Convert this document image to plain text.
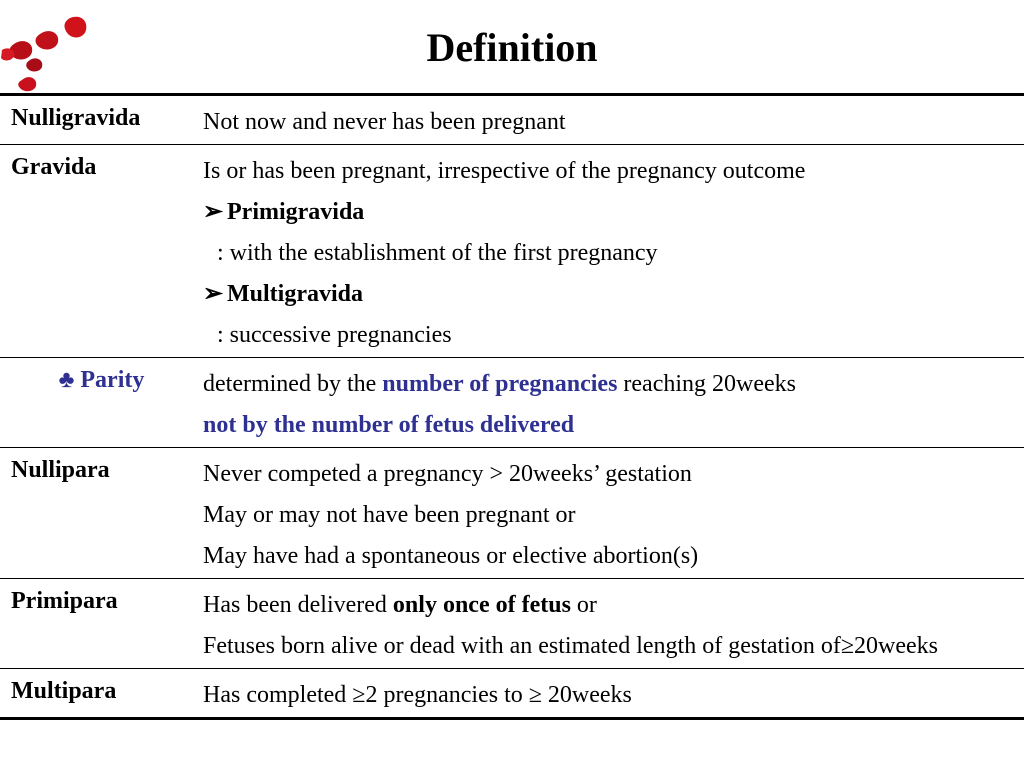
Definition
Nulligravida	Not now and never has been pregnant

Gravida	Is or has been pregnant, irrespective of the pregnancy outcome
➢ Primigravida
: with the establishment of the first pregnancy
➢ Multigravida
: successive pregnancies

♣ Parity	determined by the number of pregnancies reaching 20weeks
not by the number of fetus delivered

Nullipara	Never competed a pregnancy > 20weeks’ gestation
May or may not have been pregnant or
May have had a spontaneous or elective abortion(s)

Primipara	Has been delivered only once of fetus or
Fetuses born alive or dead with an estimated length of gestation of≥20weeks

Multipara	Has completed ≥2 pregnancies to ≥ 20weeks
